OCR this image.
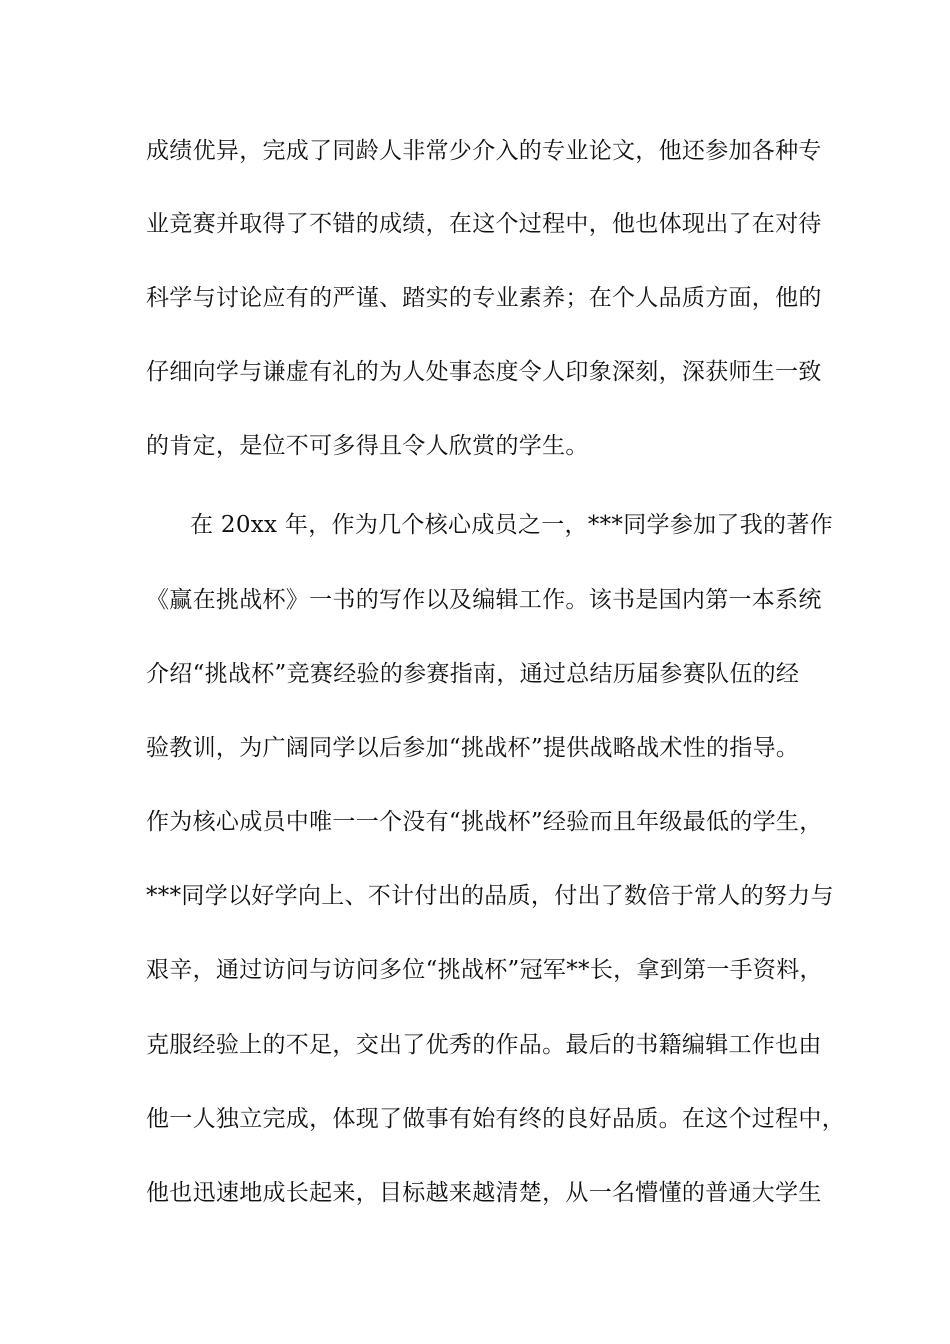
成绩优异，完成了同龄人非常少介入的专业论文，他还参加各种专
业竞赛并取得了不错的成绩，在这个过程中，他也体现出了在对待
科学与讨论应有的严谨、踏实的专业素养；在个人品质方面，他的
仔细向学与谦虚有礼的为人处事态度令人印象深刻，深获师生一致
的肯定，是位不可多得且令人欣赏的学生。
在 20xx 年，作为几个核心成员之一，***同学参加了我的著作
《赢在挑战杯》一书的写作以及编辑工作。该书是国内第一本系统
介绍“挑战杯”竞赛经验的参赛指南，通过总结历届参赛队伍的经
验教训，为广阔同学以后参加“挑战杯”提供战略战术性的指导。
作为核心成员中唯一一个没有“挑战杯”经验而且年级最低的学生，
***同学以好学向上、不计付出的品质，付出了数倍于常人的努力与
艰辛，通过访问与访问多位“挑战杯”冠军**长，拿到第一手资料，
克服经验上的不足，交出了优秀的作品。最后的书籍编辑工作也由
他一人独立完成，体现了做事有始有终的良好品质。在这个过程中，
他也迅速地成长起来，目标越来越清楚，从一名懵懂的普通大学生
